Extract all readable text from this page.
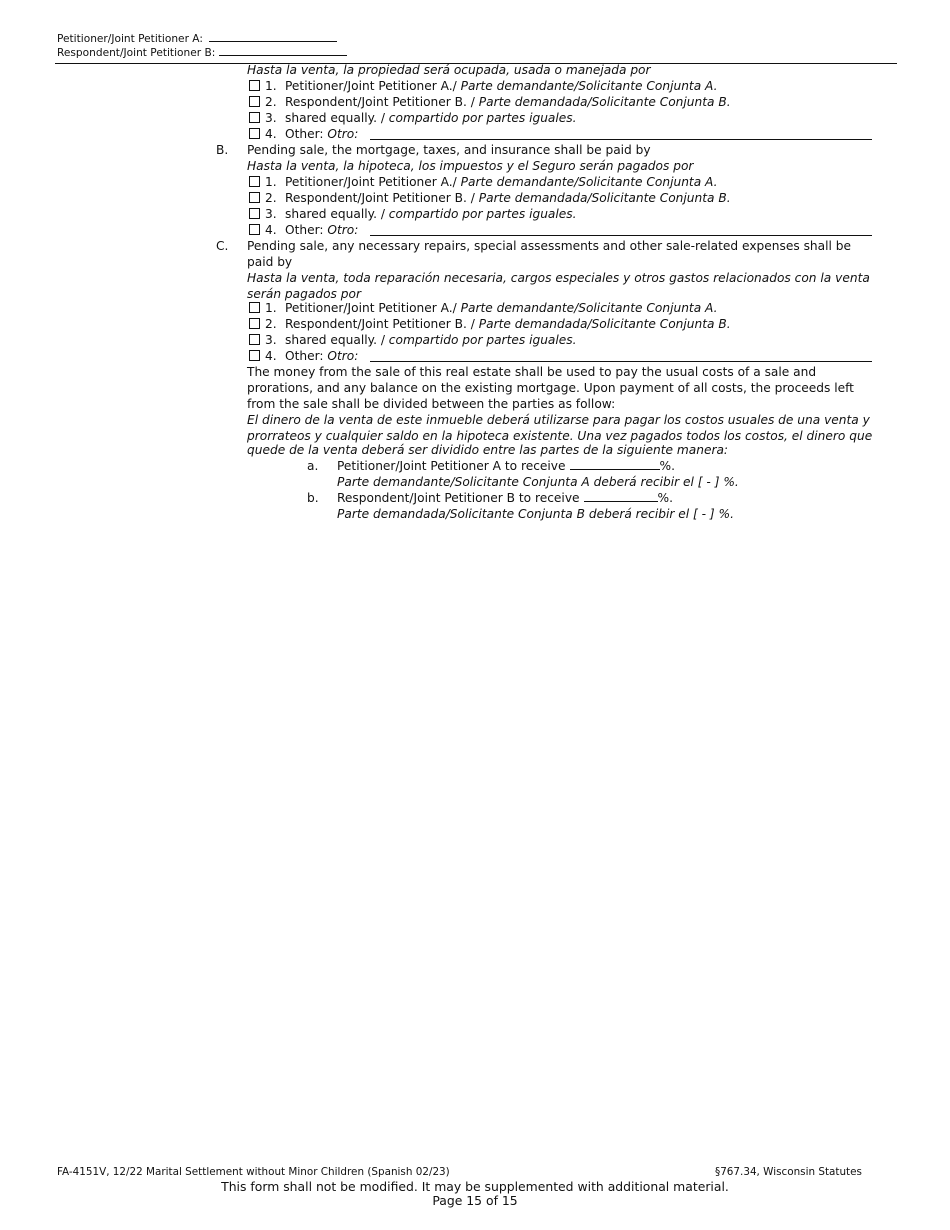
Petitioner/Joint Petitioner A:
Respondent/Joint Petitioner B:
Hasta la venta, la propiedad será ocupada, usada o manejada por
1. Petitioner/Joint Petitioner A./ Parte demandante/Solicitante Conjunta A.
2. Respondent/Joint Petitioner B. / Parte demandada/Solicitante Conjunta B.
3. shared equally. / compartido por partes iguales.
4. Other: Otro:
B.	Pending sale, the mortgage, taxes, and insurance shall be paid by
Hasta la venta, la hipoteca, los impuestos y el Seguro serán pagados por
1. Petitioner/Joint Petitioner A./ Parte demandante/Solicitante Conjunta A.
2. Respondent/Joint Petitioner B. / Parte demandada/Solicitante Conjunta B.
3. shared equally. / compartido por partes iguales.
4. Other: Otro:
C.	Pending sale, any necessary repairs, special assessments and other sale-related expenses shall be
paid by
Hasta la venta, toda reparación necesaria, cargos especiales y otros gastos relacionados con la venta
serán pagados por
1. Petitioner/Joint Petitioner A./ Parte demandante/Solicitante Conjunta A.
2. Respondent/Joint Petitioner B. / Parte demandada/Solicitante Conjunta B.
3. shared equally. / compartido por partes iguales.
4. Other: Otro:
The money from the sale of this real estate shall be used to pay the usual costs of a sale and
prorations, and any balance on the existing mortgage. Upon payment of all costs, the proceeds left
from the sale shall be divided between the parties as follow:
El dinero de la venta de este inmueble deberá utilizarse para pagar los costos usuales de una venta y
prorrateos y cualquier saldo en la hipoteca existente. Una vez pagados todos los costos, el dinero que
quede de la venta deberá ser dividido entre las partes de la siguiente manera:
a.	Petitioner/Joint Petitioner A to receive	%.
Parte demandante/Solicitante Conjunta A deberá recibir el [ - ] %.
b.	Respondent/Joint Petitioner B to receive	%.
Parte demandada/Solicitante Conjunta B deberá recibir el [ - ] %.
FA-4151V, 12/22 Marital Settlement without Minor Children (Spanish 02/23)	§767.34, Wisconsin Statutes
This form shall not be modified. It may be supplemented with additional material.
Page 15 of 15
